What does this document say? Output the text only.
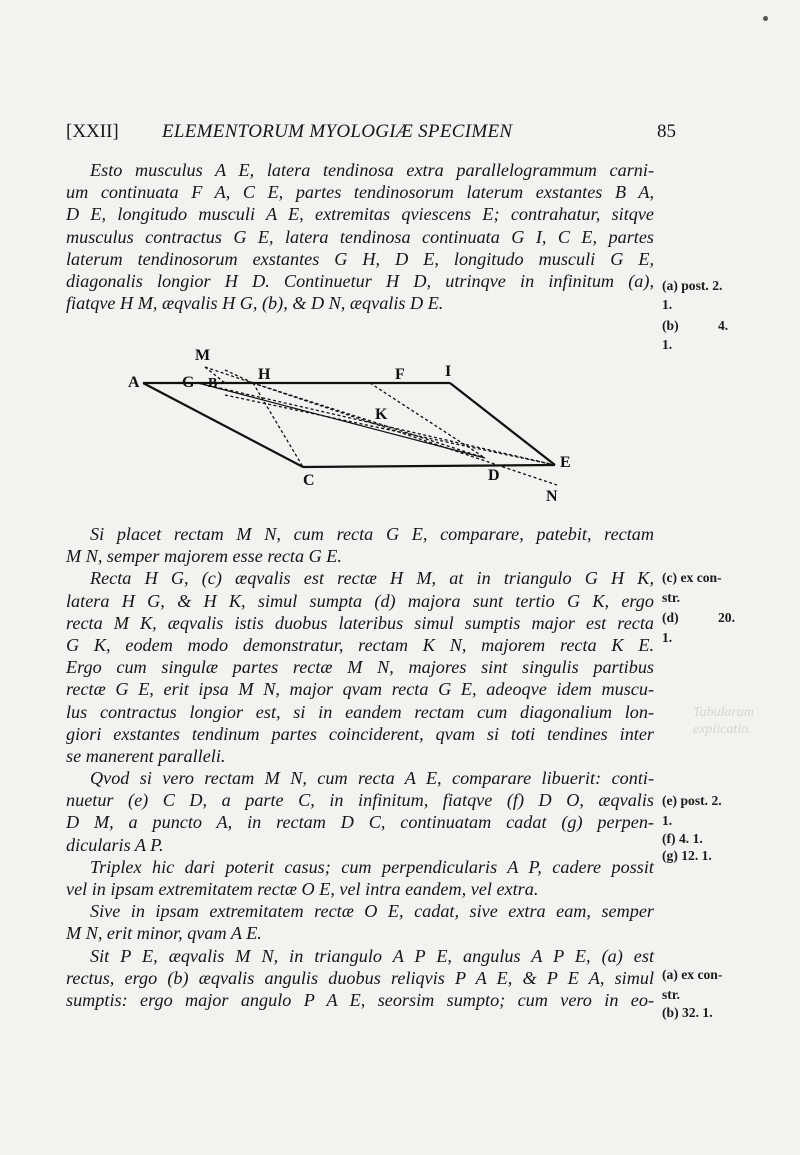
Tabularum
explicatio.
[XXII] ELEMENTORUM MYOLOGIÆ SPECIMEN	85
Esto musculus A E, latera tendinosa extra parallelogrammum carni-
um continuata F A, C E, partes tendinosorum laterum exstantes B A,
D E, longitudo musculi A E, extremitas qviescens E; contrahatur, sitqve
musculus contractus G E, latera tendinosa continuata G I, C E, partes
laterum tendinosorum exstantes G H, D E, longitudo musculi G E,
diagonalis longior H D. Continuetur H D, utrinqve in infinitum (a),
fiatqve H M, æqvalis H G, (b), & D N, æqvalis D E.
(a) post. 2.
1.
(b)	4.
1.
A	G B
M
H	F	I
K
C	D
E
N
Si placet rectam M N, cum recta G E, comparare, patebit, rectam
M N, semper majorem esse recta G E.
Recta H G, (c) æqvalis est rectæ H M, at in triangulo G H K,
latera H G, & H K, simul sumpta (d) majora sunt tertio G K, ergo
recta M K, æqvalis istis duobus lateribus simul sumptis major est recta
G K, eodem modo demonstratur, rectam K N, majorem recta K E.
Ergo cum singulæ partes rectæ M N, majores sint singulis partibus
rectæ G E, erit ipsa M N, major qvam recta G E, adeoqve idem muscu-
lus contractus longior est, si in eandem rectam cum diagonalium lon-
giori exstantes tendinum partes coinciderent, qvam si toti tendines inter
se manerent paralleli.
Qvod si vero rectam M N, cum recta A E, comparare libuerit: conti-
nuetur (e) C D, a parte C, in infinitum, fiatqve (f) D O, æqvalis
D M, a puncto A, in rectam D C, continuatam cadat (g) perpen-
dicularis A P.
Triplex hic dari poterit casus; cum perpendicularis A P, cadere possit
vel in ipsam extremitatem rectæ O E, vel intra eandem, vel extra.
Sive in ipsam extremitatem rectæ O E, cadat, sive extra eam, semper
M N, erit minor, qvam A E.
Sit P E, æqvalis M N, in triangulo A P E, angulus A P E, (a) est
rectus, ergo (b) æqvalis angulis duobus reliqvis P A E, & P E A, simul
sumptis: ergo major angulo P A E, seorsim sumpto; cum vero in eo-
(c) ex con-
str.
(d)	20.
1.
(e) post. 2.
1.
(f) 4. 1.
(g) 12. 1.
(a) ex con-
str.
(b) 32. 1.
